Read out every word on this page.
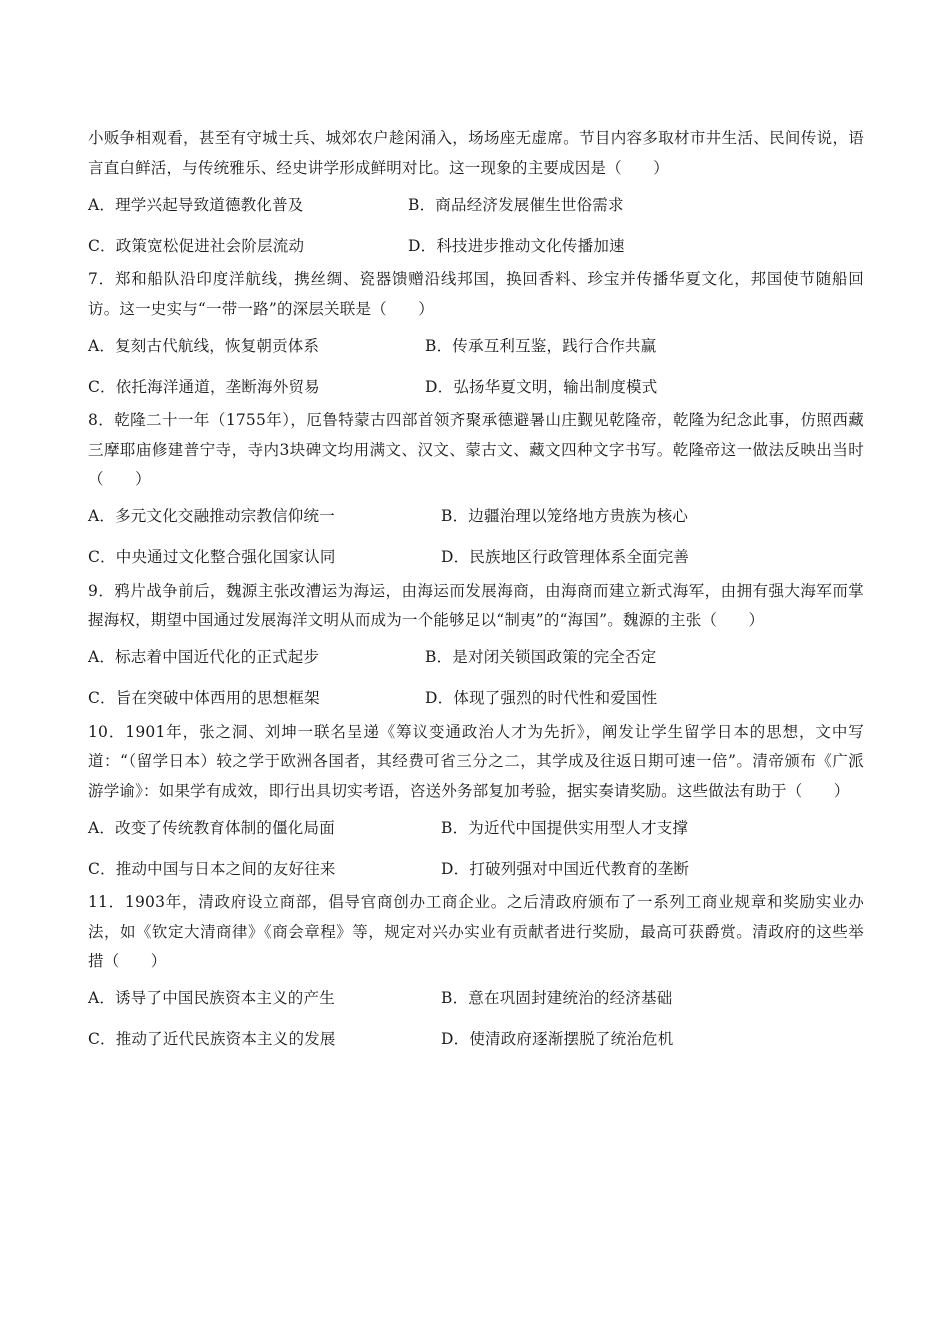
小贩争相观看，甚至有守城士兵、城郊农户趁闲涌入，场场座无虚席。节目内容多取材市井生活、民间传说，语言直白鲜活，与传统雅乐、经史讲学形成鲜明对比。这一现象的主要成因是（　　）

A．理学兴起导致道德教化普及	B．商品经济发展催生世俗需求
C．政策宽松促进社会阶层流动	D．科技进步推动文化传播加速

7．郑和船队沿印度洋航线，携丝绸、瓷器馈赠沿线邦国，换回香料、珍宝并传播华夏文化，邦国使节随船回访。这一史实与“一带一路”的深层关联是（　　）

A．复刻古代航线，恢复朝贡体系	B．传承互利互鉴，践行合作共赢
C．依托海洋通道，垄断海外贸易	D．弘扬华夏文明，输出制度模式

8．乾隆二十一年（1755年），厄鲁特蒙古四部首领齐聚承德避暑山庄觐见乾隆帝，乾隆为纪念此事，仿照西藏三摩耶庙修建普宁寺，寺内3块碑文均用满文、汉文、蒙古文、藏文四种文字书写。乾隆帝这一做法反映出当时（　　）

A．多元文化交融推动宗教信仰统一	B．边疆治理以笼络地方贵族为核心
C．中央通过文化整合强化国家认同	D．民族地区行政管理体系全面完善

9．鸦片战争前后，魏源主张改漕运为海运，由海运而发展海商，由海商而建立新式海军，由拥有强大海军而掌握海权，期望中国通过发展海洋文明从而成为一个能够足以“制夷”的“海国”。魏源的主张（　　）

A．标志着中国近代化的正式起步	B．是对闭关锁国政策的完全否定
C．旨在突破中体西用的思想框架	D．体现了强烈的时代性和爱国性

10．1901年，张之洞、刘坤一联名呈递《筹议变通政治人才为先折》，阐发让学生留学日本的思想，文中写道：“（留学日本）较之学于欧洲各国者，其经费可省三分之二，其学成及往返日期可速一倍”。清帝颁布《广派游学谕》：如果学有成效，即行出具切实考语，咨送外务部复加考验，据实奏请奖励。这些做法有助于（　　）

A．改变了传统教育体制的僵化局面	B．为近代中国提供实用型人才支撑
C．推动中国与日本之间的友好往来	D．打破列强对中国近代教育的垄断

11．1903年，清政府设立商部，倡导官商创办工商企业。之后清政府颁布了一系列工商业规章和奖励实业办法，如《钦定大清商律》《商会章程》等，规定对兴办实业有贡献者进行奖励，最高可获爵赏。清政府的这些举措（　　）

A．诱导了中国民族资本主义的产生	B．意在巩固封建统治的经济基础
C．推动了近代民族资本主义的发展	D．使清政府逐渐摆脱了统治危机
